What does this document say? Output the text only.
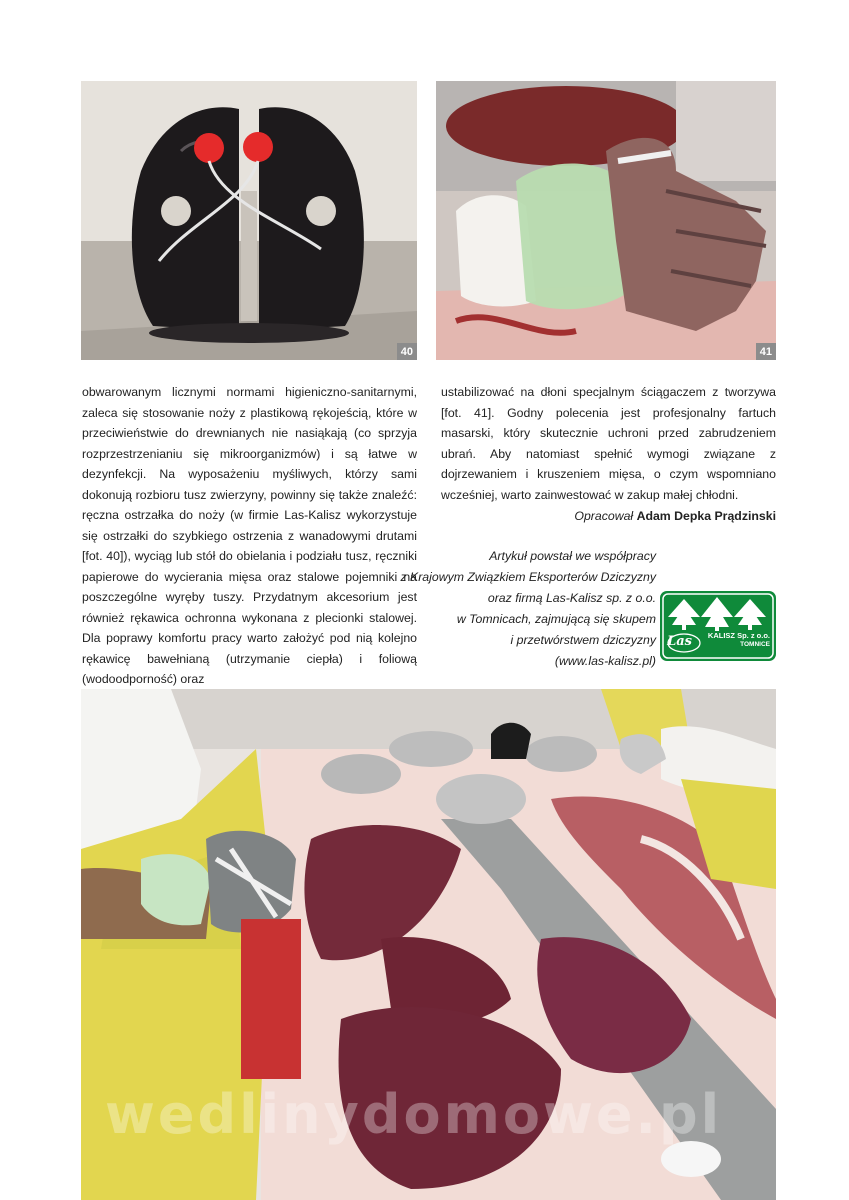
40	41
obwarowanym licznymi normami higieniczno-sanitarnymi, zaleca się stosowanie noży z plastikową rękojeścią, które w przeciwieństwie do drewnianych nie nasiąkają (co sprzyja rozprzestrzenianiu się mikroorganizmów) i są łatwe w dezynfekcji. Na wyposażeniu myśliwych, którzy sami dokonują rozbioru tusz zwierzyny, powinny się także znaleźć: ręczna ostrzałka do noży (w firmie Las-Kalisz wykorzystuje się ostrzałki do szybkiego ostrzenia z wanadowymi drutami [fot. 40]), wyciąg lub stół do obielania i podziału tusz, ręczniki papierowe do wycierania mięsa oraz stalowe pojemniki na poszczególne wyręby tuszy. Przydatnym akcesorium jest również rękawica ochronna wykonana z plecionki stalowej. Dla poprawy komfortu pracy warto założyć pod nią kolejno rękawicę bawełnianą (utrzymanie ciepła) i foliową (wodoodporność) oraz
ustabilizować na dłoni specjalnym ściągaczem z tworzywa [fot. 41]. Godny polecenia jest profesjonalny fartuch masarski, który skutecznie uchroni przed zabrudzeniem ubrań. Aby natomiast spełnić wymogi związane z dojrzewaniem i kruszeniem mięsa, o czym wspomniano wcześniej, warto zainwestować w zakup małej chłodni.
Opracował Adam Depka Prądzinski
Artykuł powstał we współpracy
z Krajowym Związkiem Eksporterów Dziczyzny
oraz firmą Las-Kalisz sp. z o.o.
w Tomnicach, zajmującą się skupem
i przetwórstwem dziczyzny
(www.las-kalisz.pl)
Las KALISZ Sp. z o.o.
TOMNICE
wedlinydomowe.pl
